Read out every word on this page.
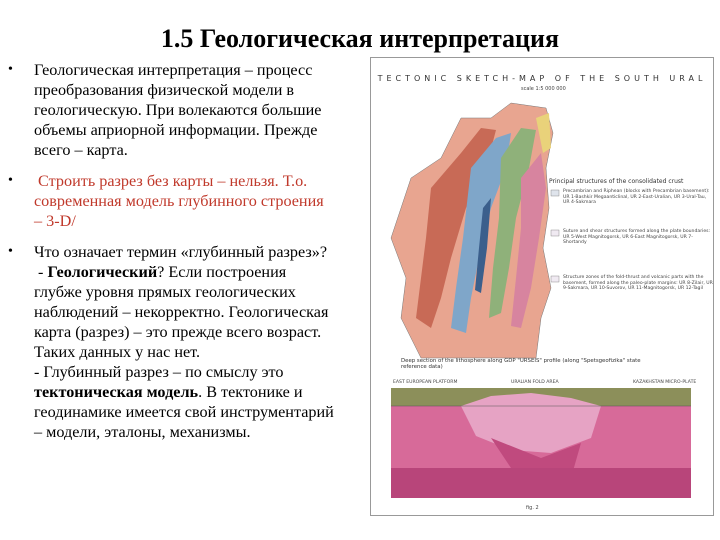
1.5 Геологическая интерпретация
• Геологическая интерпретация – процесс
преобразования физической модели в
геологическую. При волекаются большие
объемы априорной информации. Прежде
всего – карта.
• Строить разрез без карты – нельзя. Т.о.
современная модель глубинного строения
– 3-D/
• Что означает термин «глубинный разрез»?
- Геологический? Если построения
глубже уровня прямых геологических
наблюдений – некорректно. Геологическая
карта (разрез) – это прежде всего возраст.
Таких данных у нас нет.
- Глубинный разрез – по смыслу это
тектоническая модель. В тектонике и
геодинамике имеется свой инструментарий
– модели, эталоны, механизмы.
TECTONIC SKETCH-MAP OF THE SOUTH URAL
scale 1:5 000 000
Principal structures of the consolidated crust
Precambrian and Riphean (blocks with Precambrian basement): UR 1-Bashkir Megaanticlinal, UR 2-East-Uralian, UR 3-Ural-Tau, UR 4-Sakmara
Suture and shear structures formed along the plate boundaries: UR 5-West Magnitogorsk, UR 6-East Magnitogorsk, UR 7-Shortandy
Structure zones of the fold-thrust and volcanic parts with the basement, formed along the paleo-plate margins: UR 8-Zilair, UR 9-Sakmara, UR 10-Suvorov, UR 11-Magnitogorsk, UR 12-Tagil
Deep section of the lithosphere along GDP "URSEIS" profile (along "Spetsgeofizika" state reference data)
EAST EUROPEAN PLATFORM	URALIAN FOLD AREA	KAZAKHSTAN MICRO-PLATE
fig. 2
